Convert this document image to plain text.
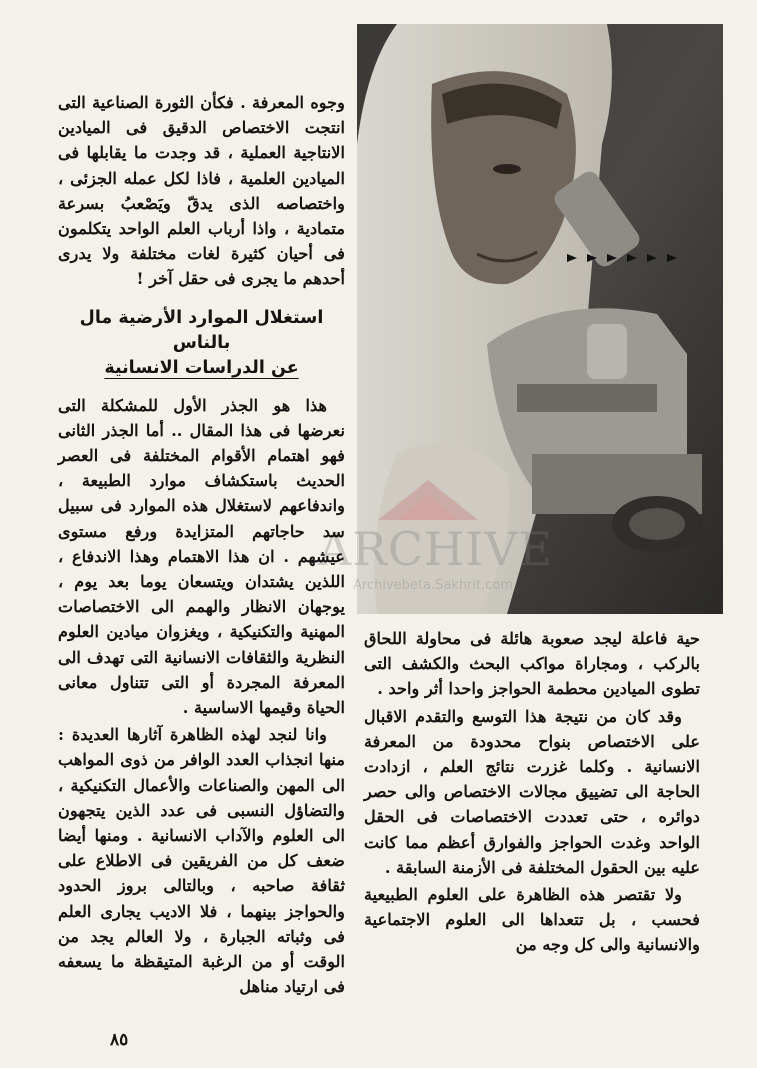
ARCHIVE
Archivebeta.Sakhrit.com

وجوه المعرفة . فكأن الثورة الصناعية التى انتجت الاختصاص الدقيق فى الميادين الانتاجية العملية ، قد وجدت ما يقابلها فى الميادين العلمية ، فاذا لكل عمله الجزئى ، واختصاصه الذى يدقّ ويَصْعبُ بسرعة متمادية ، واذا أرباب العلم الواحد يتكلمون فى أحيان كثيرة لغات مختلفة ولا يدرى أحدهم ما يجرى فى حقل آخر !

استغلال الموارد الأرضية مال بالناس
عن الدراسات الانسانية

هذا هو الجذر الأول للمشكلة التى نعرضها فى هذا المقال .. أما الجذر الثانى فهو اهتمام الأقوام المختلفة فى العصر الحديث باستكشاف موارد الطبيعة ، واندفاعهم لاستغلال هذه الموارد فى سبيل سد حاجاتهم المتزايدة ورفع مستوى عيشهم . ان هذا الاهتمام وهذا الاندفاع ، اللذين يشتدان ويتسعان يوما بعد يوم ، يوجهان الانظار والهمم الى الاختصاصات المهنية والتكنيكية ، ويغزوان ميادين العلوم النظرية والثقافات الانسانية التى تهدف الى المعرفة المجردة أو التى تتناول معانى الحياة وقيمها الاساسية .

وانا لنجد لهذه الظاهرة آثارها العديدة : منها انجذاب العدد الوافر من ذوى المواهب الى المهن والصناعات والأعمال التكنيكية ، والتضاؤل النسبى فى عدد الذين يتجهون الى العلوم والآداب الانسانية . ومنها أيضا ضعف كل من الفريقين فى الاطلاع على ثقافة صاحبه ، وبالتالى بروز الحدود والحواجز بينهما ، فلا الاديب يجارى العلم فى وثباته الجبارة ، ولا العالم يجد من الوقت أو من الرغبة المتيقظة ما يسعفه فى ارتياد مناهل

حية فاعلة ليجد صعوبة هائلة فى محاولة اللحاق بالركب ، ومجاراة مواكب البحث والكشف التى تطوى الميادين محطمة الحواجز واحدا أثر واحد .

وقد كان من نتيجة هذا التوسع والتقدم الاقبال على الاختصاص بنواح محدودة من المعرفة الانسانية . وكلما غزرت نتائج العلم ، ازدادت الحاجة الى تضييق مجالات الاختصاص والى حصر دوائره ، حتى تعددت الاختصاصات فى الحقل الواحد وغدت الحواجز والفوارق أعظم مما كانت عليه بين الحقول المختلفة فى الأزمنة السابقة .

ولا تقتصر هذه الظاهرة على العلوم الطبيعية فحسب ، بل تتعداها الى العلوم الاجتماعية والانسانية والى كل وجه من

٨٥
